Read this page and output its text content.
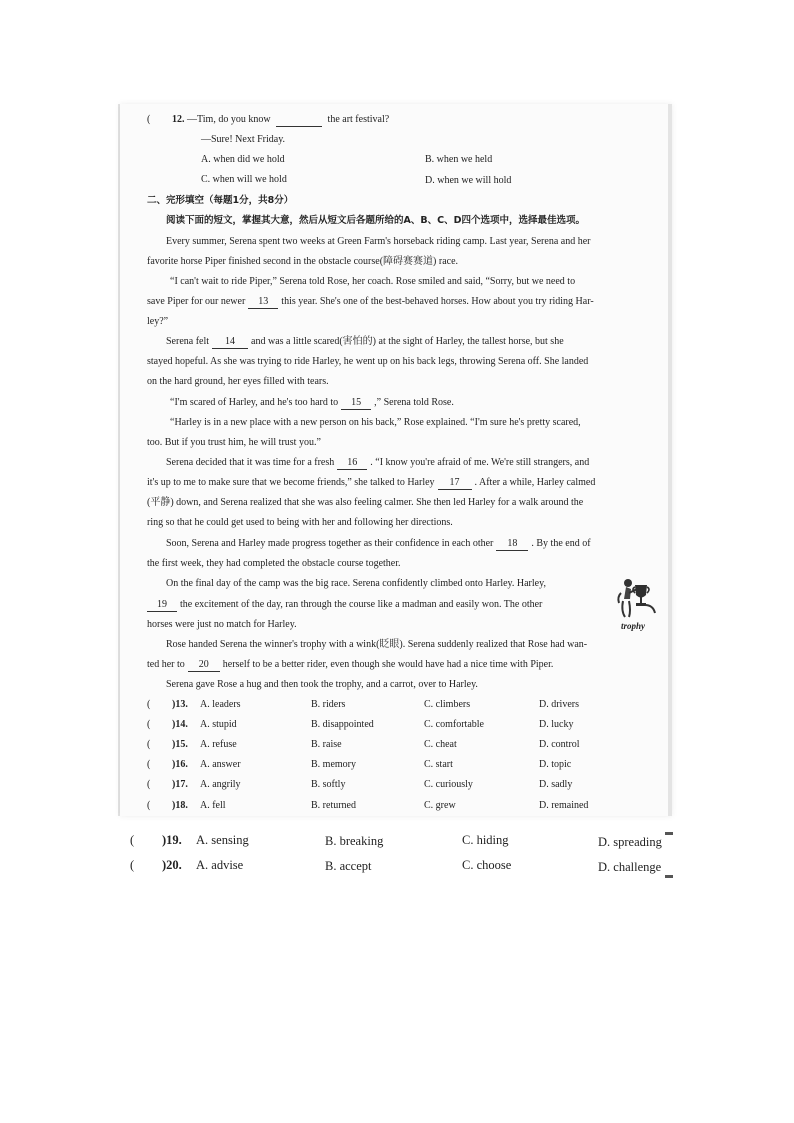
( 12. —Tim, do you know	the art festival?
—Sure! Next Friday.
A. when did we hold	B. when we held
C. when will we hold	D. when we will hold
二、完形填空（每题1分，共8分）
阅读下面的短文，掌握其大意，然后从短文后各题所给的A、B、C、D四个选项中，选择最佳选项。
Every summer, Serena spent two weeks at Green Farm's horseback riding camp. Last year, Serena and her
favorite horse Piper finished second in the obstacle course(障碍赛赛道) race.
“I can't wait to ride Piper,” Serena told Rose, her coach. Rose smiled and said, “Sorry, but we need to
save Piper for our newer 13 this year. She's one of the best-behaved horses. How about you try riding Har-
ley?”
Serena felt 14 and was a little scared(害怕的) at the sight of Harley, the tallest horse, but she
stayed hopeful. As she was trying to ride Harley, he went up on his back legs, throwing Serena off. She landed
on the hard ground, her eyes filled with tears.
“I'm scared of Harley, and he's too hard to 15 ,” Serena told Rose.
“Harley is in a new place with a new person on his back,” Rose explained. “I'm sure he's pretty scared,
too. But if you trust him, he will trust you.”
Serena decided that it was time for a fresh 16 . “I know you're afraid of me. We're still strangers, and
it's up to me to make sure that we become friends,” she talked to Harley 17 . After a while, Harley calmed
(平静) down, and Serena realized that she was also feeling calmer. She then led Harley for a walk around the
ring so that he could get used to being with her and following her directions.
Soon, Serena and Harley made progress together as their confidence in each other 18 . By the end of
the first week, they had completed the obstacle course together.
On the final day of the camp was the big race. Serena confidently climbed onto Harley. Harley,
19 the excitement of the day, ran through the course like a madman and easily won. The other
horses were just no match for Harley.	trophy
Rose handed Serena the winner's trophy with a wink(眨眼). Serena suddenly realized that Rose had wan-
ted her to 20 herself to be a better rider, even though she would have had a nice time with Piper.
Serena gave Rose a hug and then took the trophy, and a carrot, over to Harley.
( )13. A. leaders	B. riders	C. climbers	D. drivers
( )14. A. stupid	B. disappointed	C. comfortable	D. lucky
( )15. A. refuse	B. raise	C. cheat	D. control
( )16. A. answer	B. memory	C. start	D. topic
( )17. A. angrily	B. softly	C. curiously	D. sadly
( )18. A. fell	B. returned	C. grew	D. remained
( )19. A. sensing	B. breaking	C. hiding	D. spreading
( )20. A. advise	B. accept	C. choose	D. challenge
